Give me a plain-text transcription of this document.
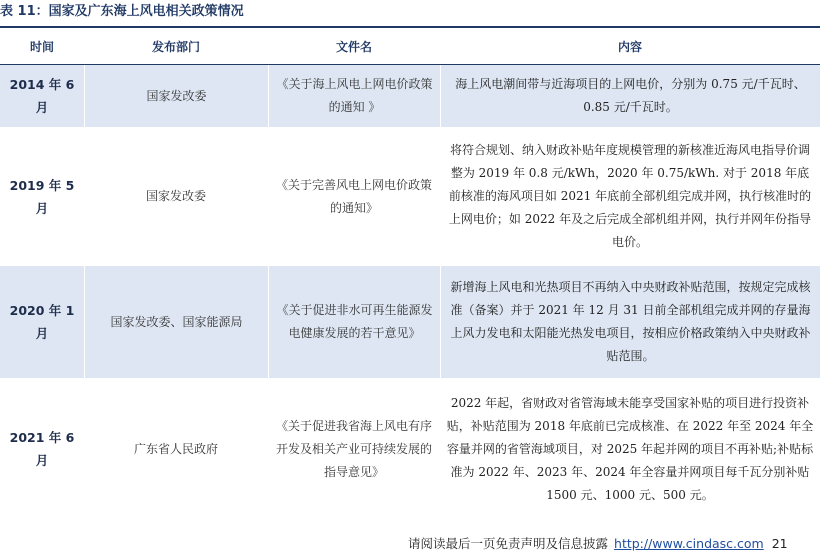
表 11：国家及广东海上风电相关政策情况
时间	发布部门	文件名	内容
2014 年 6 月	国家发改委	《关于海上风电上网电价政策的通知 》	海上风电潮间带与近海项目的上网电价，分别为 0.75 元/千瓦时、0.85 元/千瓦时。
2019 年 5 月	国家发改委	《关于完善风电上网电价政策的通知》	将符合规划、纳入财政补贴年度规模管理的新核准近海风电指导价调整为 2019 年 0.8 元/kWh，2020 年 0.75/kWh. 对于 2018 年底前核准的海风项目如 2021 年底前全部机组完成并网，执行核准时的上网电价；如 2022 年及之后完成全部机组并网，执行并网年份指导电价。
2020 年 1 月	国家发改委、国家能源局	《关于促进非水可再生能源发电健康发展的若干意见》	新增海上风电和光热项目不再纳入中央财政补贴范围，按规定完成核准（备案）并于 2021 年 12 月 31 日前全部机组完成并网的存量海上风力发电和太阳能光热发电项目，按相应价格政策纳入中央财政补贴范围。
2021 年 6 月	广东省人民政府	《关于促进我省海上风电有序开发及相关产业可持续发展的指导意见》	2022 年起，省财政对省管海域未能享受国家补贴的项目进行投资补贴，补贴范围为 2018 年底前已完成核准、在 2022 年至 2024 年全容量并网的省管海域项目，对 2025 年起并网的项目不再补贴;补贴标准为 2022 年、2023 年、2024 年全容量并网项目每千瓦分别补贴 1500 元、1000 元、500 元。
请阅读最后一页免责声明及信息披露 http://www.cindasc.com 21
